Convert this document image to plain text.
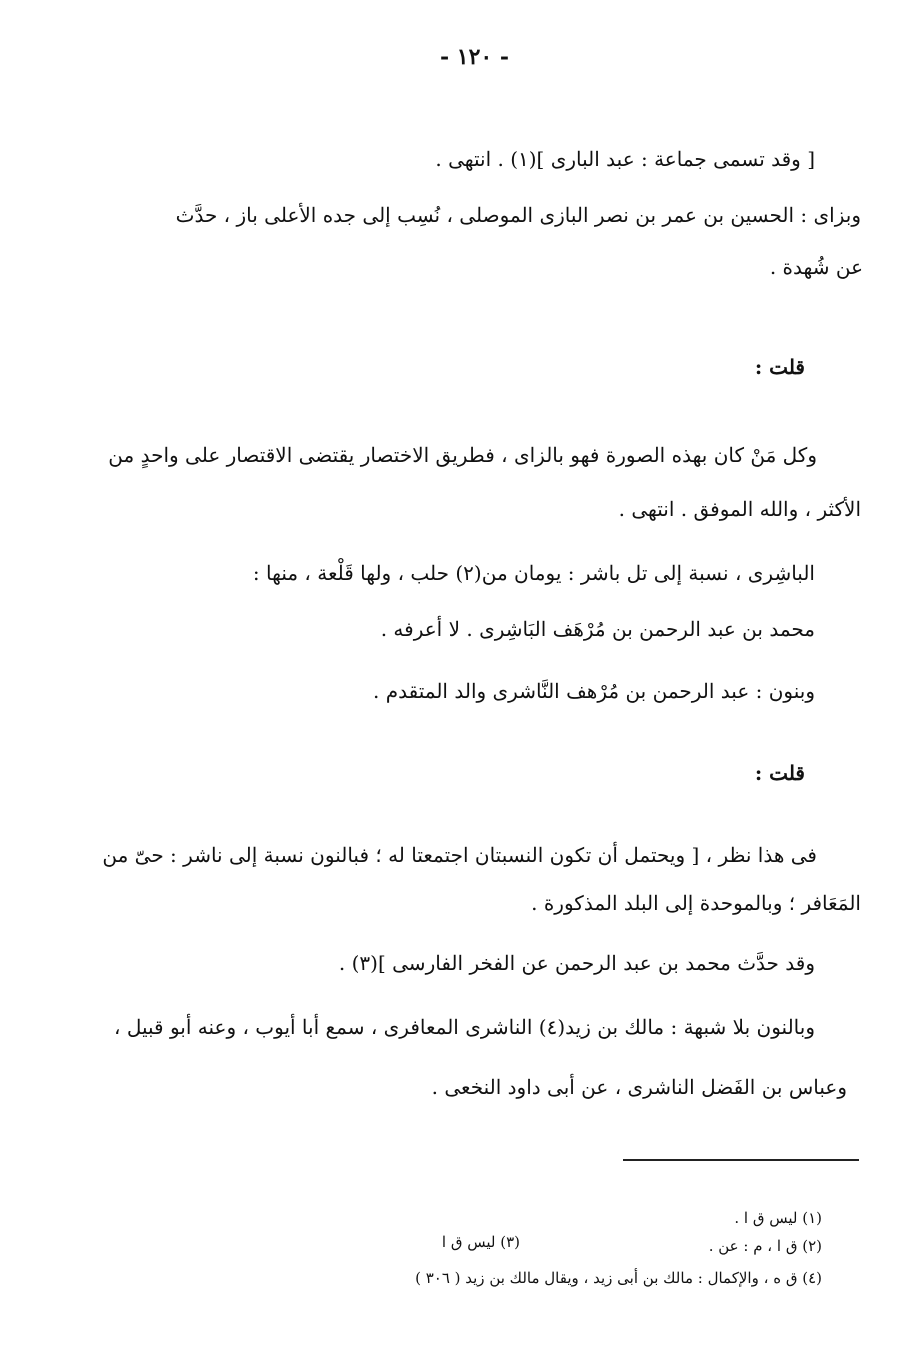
- ١٢٠ -
[ وقد تسمى جماعة : عبد البارى ](١) . انتهى .
وبزاى : الحسين بن عمر بن نصر البازى الموصلى ، نُسِب إلى جده الأعلى باز ، حدَّث
عن شُهدة .
قلت :
وكل مَنْ كان بهذه الصورة فهو بالزاى ، فطريق الاختصار يقتضى الاقتصار على واحدٍ من
الأكثر ، والله الموفق . انتهى .
الباشِرى ، نسبة إلى تل باشر : يومان من(٢) حلب ، ولها قَلْعة ، منها :
محمد بن عبد الرحمن بن مُرْهَف البَاشِرى . لا أعرفه .
وبنون : عبد الرحمن بن مُرْهف النَّاشرى والد المتقدم .
قلت :
فى هذا نظر ، [ ويحتمل أن تكون النسبتان اجتمعتا له ؛ فبالنون نسبة إلى ناشر : حىّ من
المَعَافر ؛ وبالموحدة إلى البلد المذكورة .
وقد حدَّث محمد بن عبد الرحمن عن الفخر الفارسى ](٣) .
وبالنون بلا شبهة : مالك بن زيد(٤) الناشرى المعافرى ، سمع أبا أيوب ، وعنه أبو قبيل ،
وعباس بن الفَضل الناشرى ، عن أبى داود النخعى .
(١) ليس ق ا .
(٢) ق ا ، م : عن .
(٣) ليس ق ا
(٤) ق ه ، والإكمال : مالك بن أبى زيد ، ويقال مالك بن زيد ( ٣٠٦ )
